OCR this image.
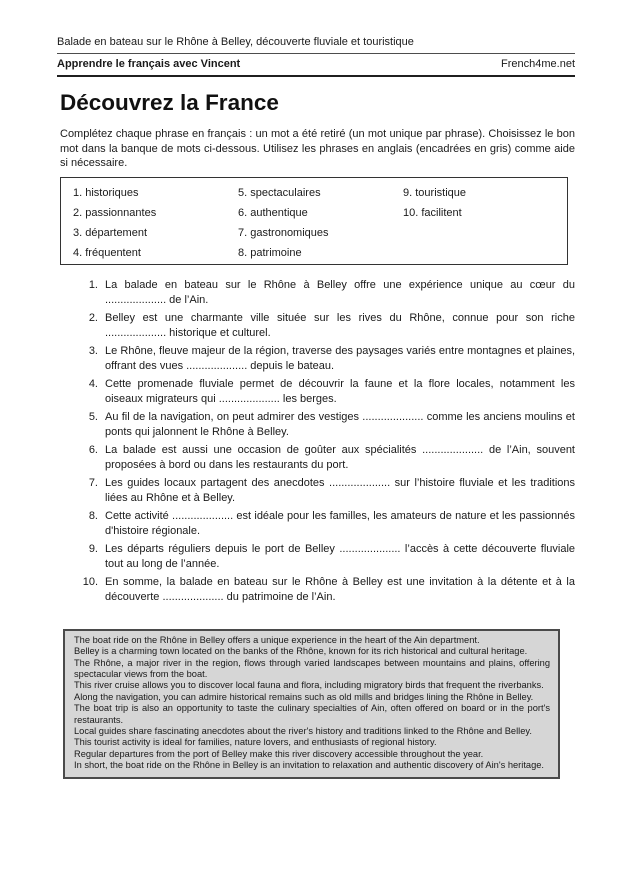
Balade en bateau sur le Rhône à Belley, découverte fluviale et touristique
Apprendre le français avec Vincent	French4me.net
Découvrez la France

Complétez chaque phrase en français : un mot a été retiré (un mot unique par phrase). Choisissez le bon mot dans la banque de mots ci-dessous. Utilisez les phrases en anglais (encadrées en gris) comme aide si nécessaire.

1. historiques
2. passionnantes
3. département
4. fréquentent
5. spectaculaires
6. authentique
7. gastronomiques
8. patrimoine
9. touristique
10. facilitent
1. La balade en bateau sur le Rhône à Belley offre une expérience unique au cœur du .................... de l’Ain.
2. Belley est une charmante ville située sur les rives du Rhône, connue pour son riche .................... historique et culturel.
3. Le Rhône, fleuve majeur de la région, traverse des paysages variés entre montagnes et plaines, offrant des vues .................... depuis le bateau.
4. Cette promenade fluviale permet de découvrir la faune et la flore locales, notamment les oiseaux migrateurs qui .................... les berges.
5. Au fil de la navigation, on peut admirer des vestiges .................... comme les anciens moulins et ponts qui jalonnent le Rhône à Belley.
6. La balade est aussi une occasion de goûter aux spécialités .................... de l’Ain, souvent proposées à bord ou dans les restaurants du port.
7. Les guides locaux partagent des anecdotes .................... sur l’histoire fluviale et les traditions liées au Rhône et à Belley.
8. Cette activité .................... est idéale pour les familles, les amateurs de nature et les passionnés d'histoire régionale.
9. Les départs réguliers depuis le port de Belley .................... l’accès à cette découverte fluviale tout au long de l’année.
10. En somme, la balade en bateau sur le Rhône à Belley est une invitation à la détente et à la découverte .................... du patrimoine de l’Ain.

The boat ride on the Rhône in Belley offers a unique experience in the heart of the Ain department.

Belley is a charming town located on the banks of the Rhône, known for its rich historical and cultural heritage.

The Rhône, a major river in the region, flows through varied landscapes between mountains and plains, offering spectacular views from the boat.

This river cruise allows you to discover local fauna and flora, including migratory birds that frequent the riverbanks.

Along the navigation, you can admire historical remains such as old mills and bridges lining the Rhône in Belley.

The boat trip is also an opportunity to taste the culinary specialties of Ain, often offered on board or in the port's restaurants.

Local guides share fascinating anecdotes about the river's history and traditions linked to the Rhône and Belley.

This tourist activity is ideal for families, nature lovers, and enthusiasts of regional history.

Regular departures from the port of Belley make this river discovery accessible throughout the year.

In short, the boat ride on the Rhône in Belley is an invitation to relaxation and authentic discovery of Ain's heritage.
